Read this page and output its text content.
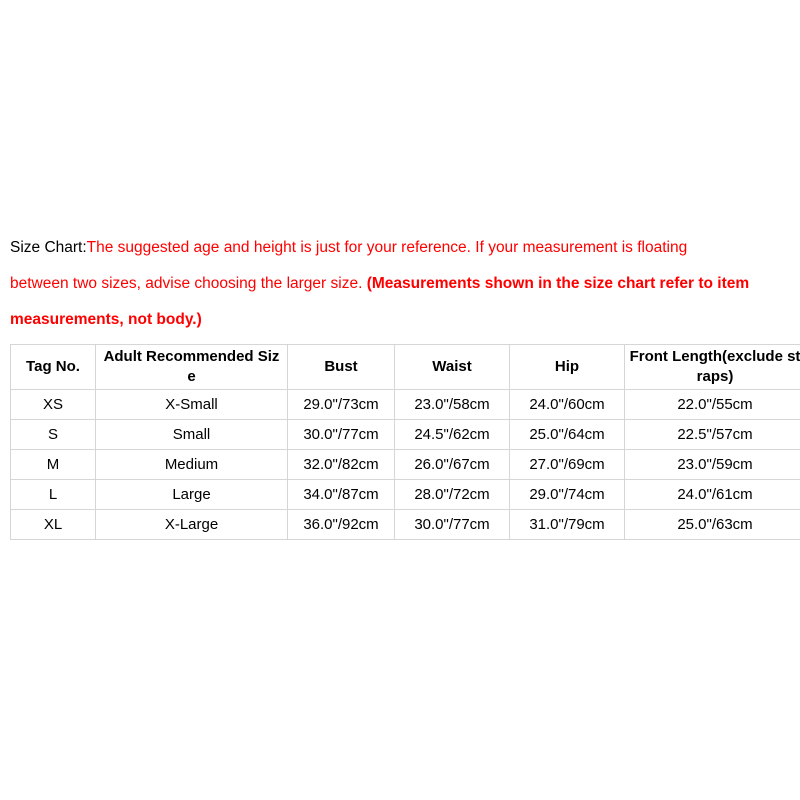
Size Chart:The suggested age and height is just for your reference. If your measurement is floating between two sizes, advise choosing the larger size. (Measurements shown in the size chart refer to item measurements, not body.)

Tag No.	Adult Recommended Size	Bust	Waist	Hip	Front Length(exclude straps)
XS	X-Small	29.0"/73cm	23.0"/58cm	24.0"/60cm	22.0"/55cm
S	Small	30.0"/77cm	24.5"/62cm	25.0"/64cm	22.5"/57cm
M	Medium	32.0"/82cm	26.0"/67cm	27.0"/69cm	23.0"/59cm
L	Large	34.0"/87cm	28.0"/72cm	29.0"/74cm	24.0"/61cm
XL	X-Large	36.0"/92cm	30.0"/77cm	31.0"/79cm	25.0"/63cm
